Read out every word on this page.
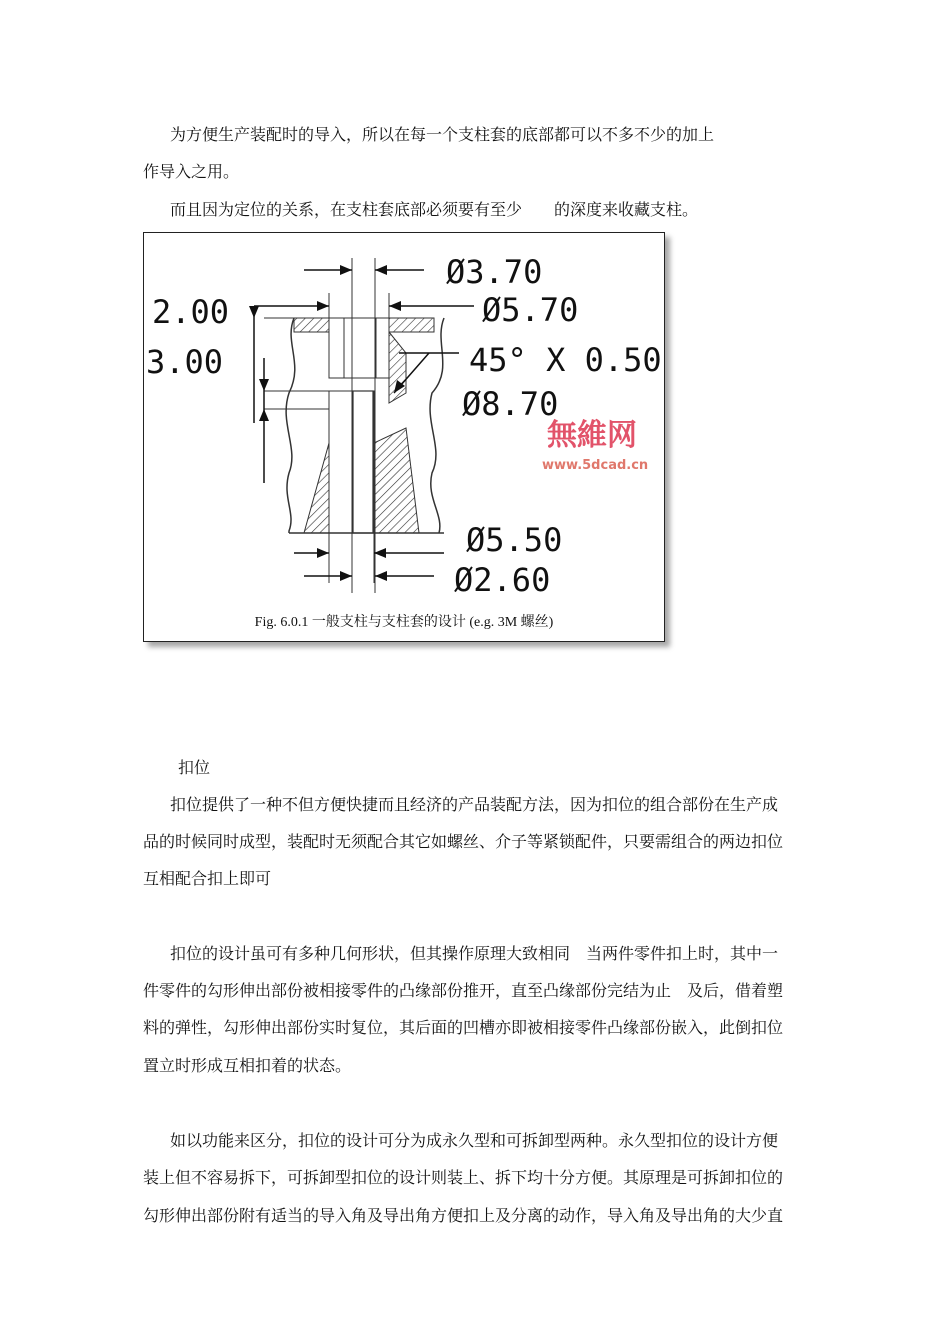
为方便生产装配时的导入，所以在每一个支柱套的底部都可以不多不少的加上
作导入之用。
而且因为定位的关系，在支柱套底部必须要有至少　　的深度来收藏支柱。
Ø3.70
Ø5.70
2.00
3.00	45° X 0.50
Ø8.70
Ø5.50
Ø2.60
無維网
www.5dcad.cn
Fig. 6.0.1 一般支柱与支柱套的设计 (e.g. 3M 螺丝)
扣位
扣位提供了一种不但方便快捷而且经济的产品装配方法，因为扣位的组合部份在生产成
品的时候同时成型，装配时无须配合其它如螺丝、介子等紧锁配件，只要需组合的两边扣位
互相配合扣上即可
扣位的设计虽可有多种几何形状，但其操作原理大致相同　当两件零件扣上时，其中一
件零件的勾形伸出部份被相接零件的凸缘部份推开，直至凸缘部份完结为止　及后，借着塑
料的弹性，勾形伸出部份实时复位，其后面的凹槽亦即被相接零件凸缘部份嵌入，此倒扣位
置立时形成互相扣着的状态。
如以功能来区分，扣位的设计可分为成永久型和可拆卸型两种。永久型扣位的设计方便
装上但不容易拆下，可拆卸型扣位的设计则装上、拆下均十分方便。其原理是可拆卸扣位的
勾形伸出部份附有适当的导入角及导出角方便扣上及分离的动作，导入角及导出角的大少直
